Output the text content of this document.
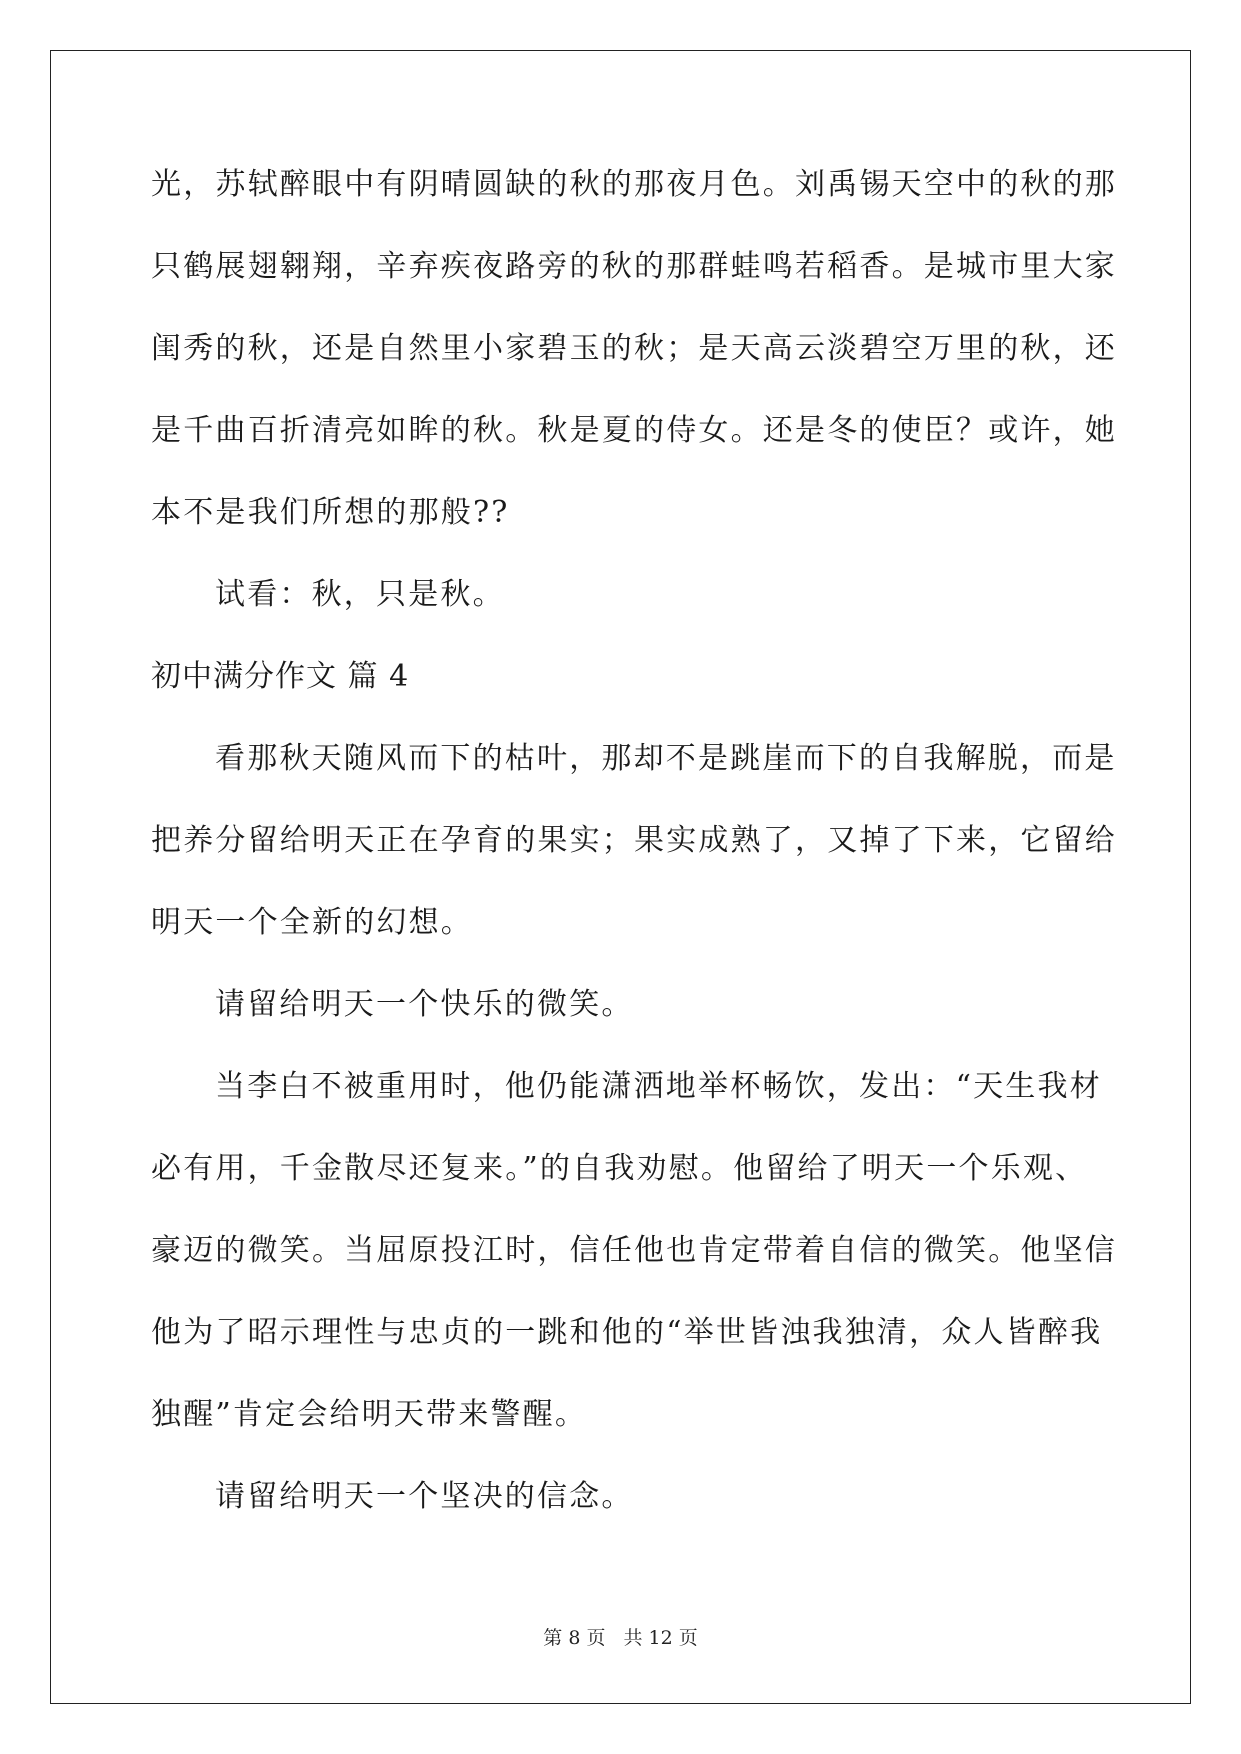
光，苏轼醉眼中有阴晴圆缺的秋的那夜月色。刘禹锡天空中的秋的那
只鹤展翅翱翔，辛弃疾夜路旁的秋的那群蛙鸣若稻香。是城市里大家
闺秀的秋，还是自然里小家碧玉的秋；是天高云淡碧空万里的秋，还
是千曲百折清亮如眸的秋。秋是夏的侍女。还是冬的使臣？或许，她
本不是我们所想的那般??
试看：秋，只是秋。
初中满分作文 篇 4
看那秋天随风而下的枯叶，那却不是跳崖而下的自我解脱，而是
把养分留给明天正在孕育的果实；果实成熟了，又掉了下来，它留给
明天一个全新的幻想。
请留给明天一个快乐的微笑。
当李白不被重用时，他仍能潇洒地举杯畅饮，发出：“天生我材
必有用，千金散尽还复来。”的自我劝慰。他留给了明天一个乐观、
豪迈的微笑。当屈原投江时，信任他也肯定带着自信的微笑。他坚信
他为了昭示理性与忠贞的一跳和他的“举世皆浊我独清，众人皆醉我
独醒”肯定会给明天带来警醒。
请留给明天一个坚决的信念。
第 8 页 共 12 页
